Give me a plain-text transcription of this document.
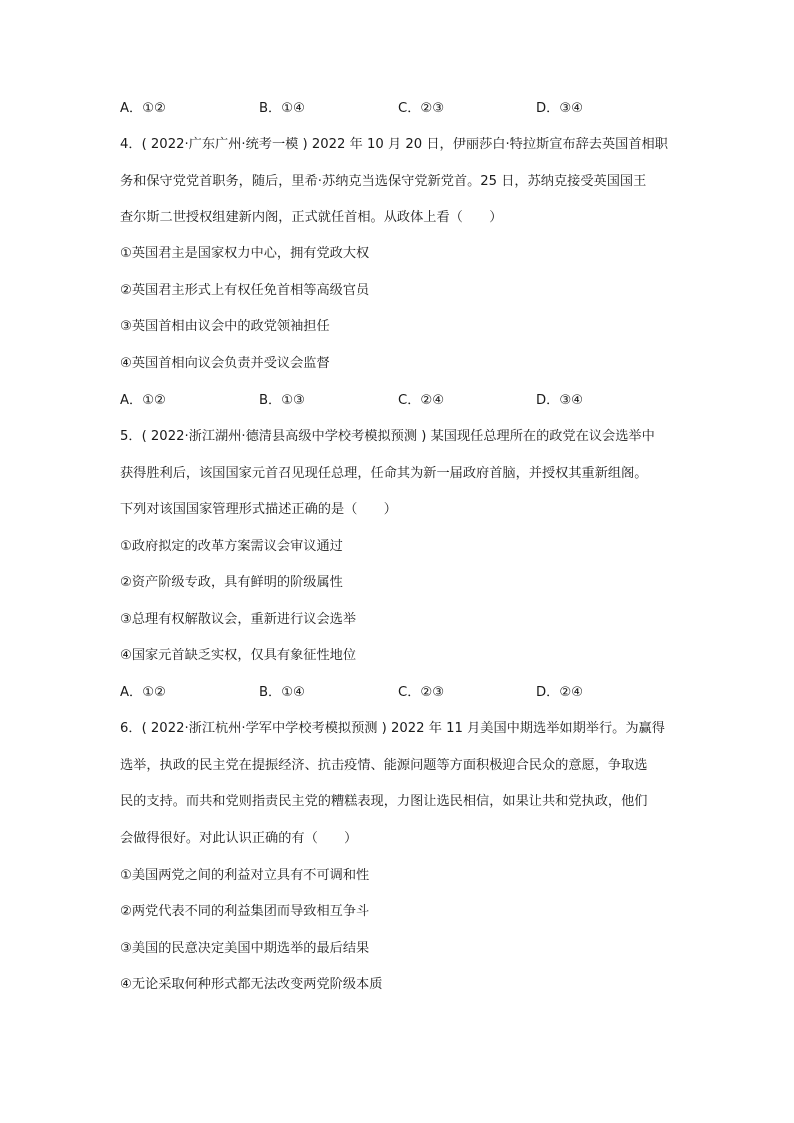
A．①②	B．①④	C．②③	D．③④
4．( 2022·广东广州·统考一模 ) 2022 年 10 月 20 日，伊丽莎白·特拉斯宣布辞去英国首相职
务和保守党党首职务，随后，里希·苏纳克当选保守党新党首。25 日，苏纳克接受英国国王
查尔斯二世授权组建新内阁，正式就任首相。从政体上看（　　）
①英国君主是国家权力中心，拥有党政大权
②英国君主形式上有权任免首相等高级官员
③英国首相由议会中的政党领袖担任
④英国首相向议会负责并受议会监督
A．①②	B．①③	C．②④	D．③④
5．( 2022·浙江湖州·德清县高级中学校考模拟预测 ) 某国现任总理所在的政党在议会选举中
获得胜利后，该国国家元首召见现任总理，任命其为新一届政府首脑，并授权其重新组阁。
下列对该国国家管理形式描述正确的是（　　）
①政府拟定的改革方案需议会审议通过
②资产阶级专政，具有鲜明的阶级属性
③总理有权解散议会，重新进行议会选举
④国家元首缺乏实权，仅具有象征性地位
A．①②	B．①④	C．②③	D．②④
6．( 2022·浙江杭州·学军中学校考模拟预测 ) 2022 年 11 月美国中期选举如期举行。为赢得
选举，执政的民主党在提振经济、抗击疫情、能源问题等方面积极迎合民众的意愿，争取选
民的支持。而共和党则指责民主党的糟糕表现，力图让选民相信，如果让共和党执政，他们
会做得很好。对此认识正确的有（　　）
①美国两党之间的利益对立具有不可调和性
②两党代表不同的利益集团而导致相互争斗
③美国的民意决定美国中期选举的最后结果
④无论采取何种形式都无法改变两党阶级本质
